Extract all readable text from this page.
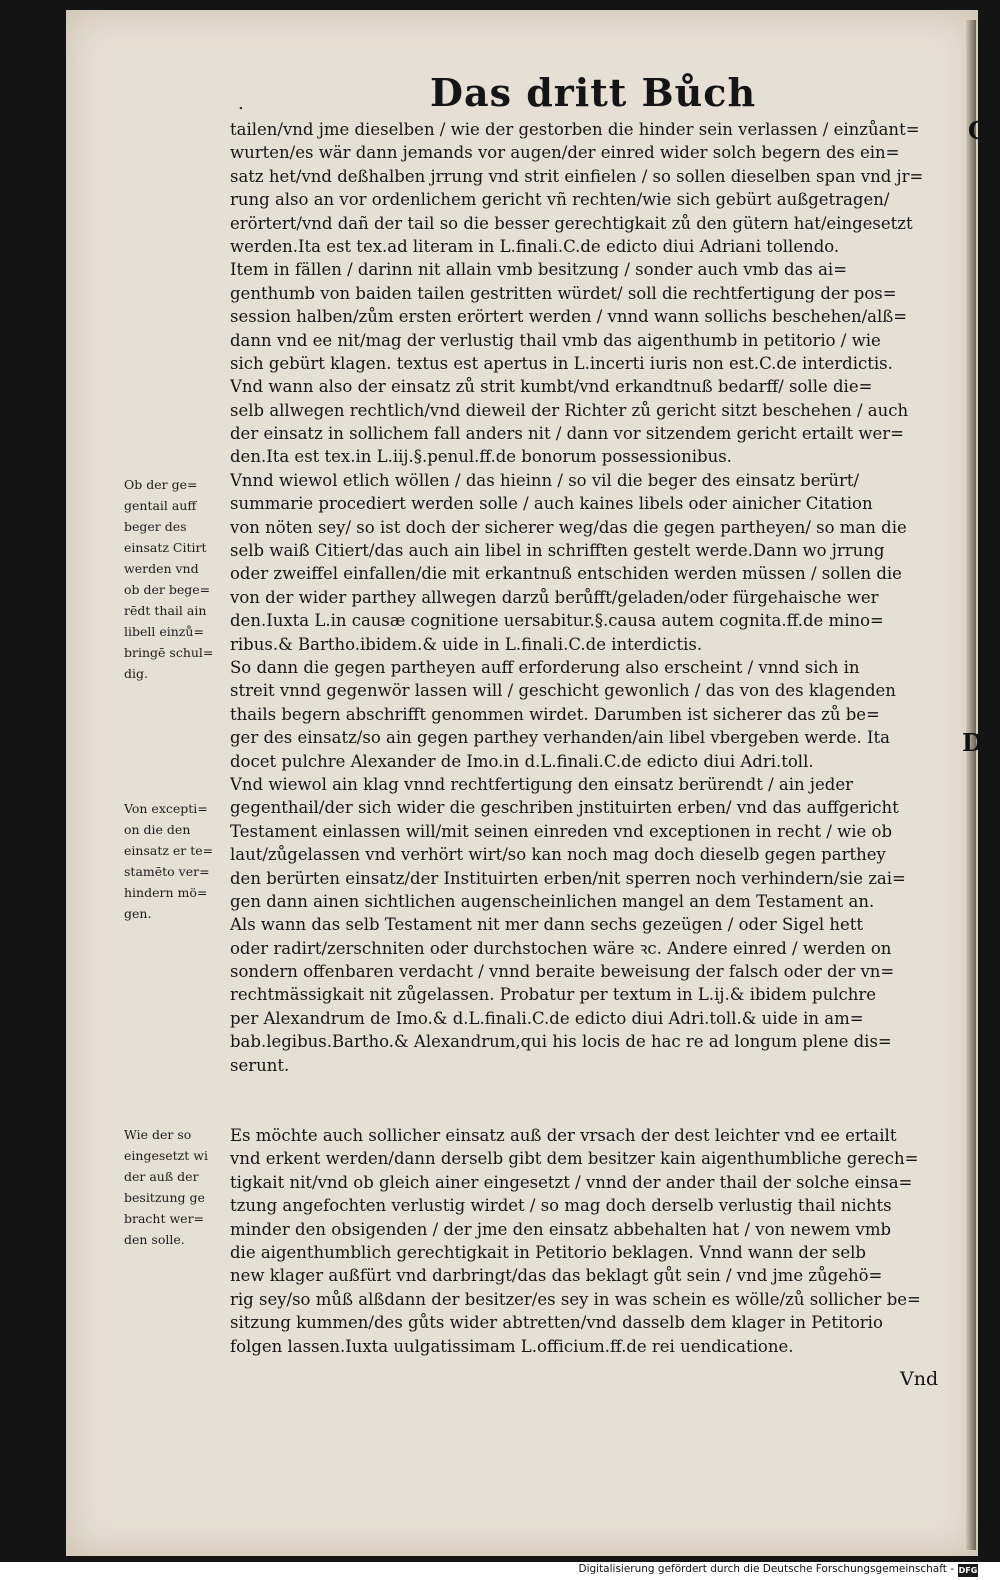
.	Das dritt Bůch
C
D
tailen/vnd jme dieselben / wie der gestorben die hinder sein verlassen / einzůant=
wurten/es wär dann jemands vor augen/der einred wider solch begern des ein=
satz het/vnd deßhalben jrrung vnd strit einfielen / so sollen dieselben span vnd jr=
rung also an vor ordenlichem gericht vñ rechten/wie sich gebürt außgetragen/
erörtert/vnd dañ der tail so die besser gerechtigkait zů den gütern hat/eingesetzt
werden.Ita est tex.ad literam in L.finali.C.de edicto diui Adriani tollendo.
Item in fällen / darinn nit allain vmb besitzung / sonder auch vmb das ai=
genthumb von baiden tailen gestritten würdet/ soll die rechtfertigung der pos=
session halben/zům ersten erörtert werden / vnnd wann sollichs beschehen/alß=
dann vnd ee nit/mag der verlustig thail vmb das aigenthumb in petitorio / wie
sich gebürt klagen. textus est apertus in L.incerti iuris non est.C.de interdictis.
Vnd wann also der einsatz zů strit kumbt/vnd erkandtnuß bedarff/ solle die=
selb allwegen rechtlich/vnd dieweil der Richter zů gericht sitzt beschehen / auch
der einsatz in sollichem fall anders nit / dann vor sitzendem gericht ertailt wer=
den.Ita est tex.in L.iij.§.penul.ff.de bonorum possessionibus.
Vnnd wiewol etlich wöllen / das hieinn / so vil die beger des einsatz berürt/
summarie procediert werden solle / auch kaines libels oder ainicher Citation
von nöten sey/ so ist doch der sicherer weg/das die gegen partheyen/ so man die
selb waiß Citiert/das auch ain libel in schrifften gestelt werde.Dann wo jrrung
oder zweiffel einfallen/die mit erkantnuß entschiden werden müssen / sollen die
von der wider parthey allwegen darzů berůfft/geladen/oder fürgehaische wer
den.Iuxta L.in causæ cognitione uersabitur.§.causa autem cognita.ff.de mino=
ribus.& Bartho.ibidem.& uide in L.finali.C.de interdictis.
So dann die gegen partheyen auff erforderung also erscheint / vnnd sich in
streit vnnd gegenwör lassen will / geschicht gewonlich / das von des klagenden
thails begern abschrifft genommen wirdet. Darumben ist sicherer das zů be=
ger des einsatz/so ain gegen parthey verhanden/ain libel vbergeben werde. Ita
docet pulchre Alexander de Imo.in d.L.finali.C.de edicto diui Adri.toll.
Vnd wiewol ain klag vnnd rechtfertigung den einsatz berürendt / ain jeder
gegenthail/der sich wider die geschriben jnstituirten erben/ vnd das auffgericht
Testament einlassen will/mit seinen einreden vnd exceptionen in recht / wie ob
laut/zůgelassen vnd verhört wirt/so kan noch mag doch dieselb gegen parthey
den berürten einsatz/der Instituirten erben/nit sperren noch verhindern/sie zai=
gen dann ainen sichtlichen augenscheinlichen mangel an dem Testament an.
Als wann das selb Testament nit mer dann sechs gezeügen / oder Sigel hett
oder radirt/zerschniten oder durchstochen wäre ꝛc. Andere einred / werden on
sondern offenbaren verdacht / vnnd beraite beweisung der falsch oder der vn=
rechtmässigkait nit zůgelassen. Probatur per textum in L.ij.& ibidem pulchre
per Alexandrum de Imo.& d.L.finali.C.de edicto diui Adri.toll.& uide in am=
bab.legibus.Bartho.& Alexandrum,qui his locis de hac re ad longum plene dis=
serunt.
Es möchte auch sollicher einsatz auß der vrsach der dest leichter vnd ee ertailt
vnd erkent werden/dann derselb gibt dem besitzer kain aigenthumbliche gerech=
tigkait nit/vnd ob gleich ainer eingesetzt / vnnd der ander thail der solche einsa=
tzung angefochten verlustig wirdet / so mag doch derselb verlustig thail nichts
minder den obsigenden / der jme den einsatz abbehalten hat / von newem vmb
die aigenthumblich gerechtigkait in Petitorio beklagen. Vnnd wann der selb
new klager außfürt vnd darbringt/das das beklagt gůt sein / vnd jme zůgehö=
rig sey/so můß alßdann der besitzer/es sey in was schein es wölle/zů sollicher be=
sitzung kummen/des gůts wider abtretten/vnd dasselb dem klager in Petitorio
folgen lassen.Iuxta uulgatissimam L.officium.ff.de rei uendicatione.
Ob der ge=
gentail auff
beger des
einsatz Citirt
werden vnd
ob der bege=
rēdt thail ain
libell einzů=
bringē schul=
dig.
Von excepti=
on die den
einsatz er te=
stamēto ver=
hindern mö=
gen.
Wie der so
eingesetzt wi
der auß der
besitzung ge
bracht wer=
den solle.
Vnd
Digitalisierung gefördert durch die Deutsche Forschungsgemeinschaft - DFG
